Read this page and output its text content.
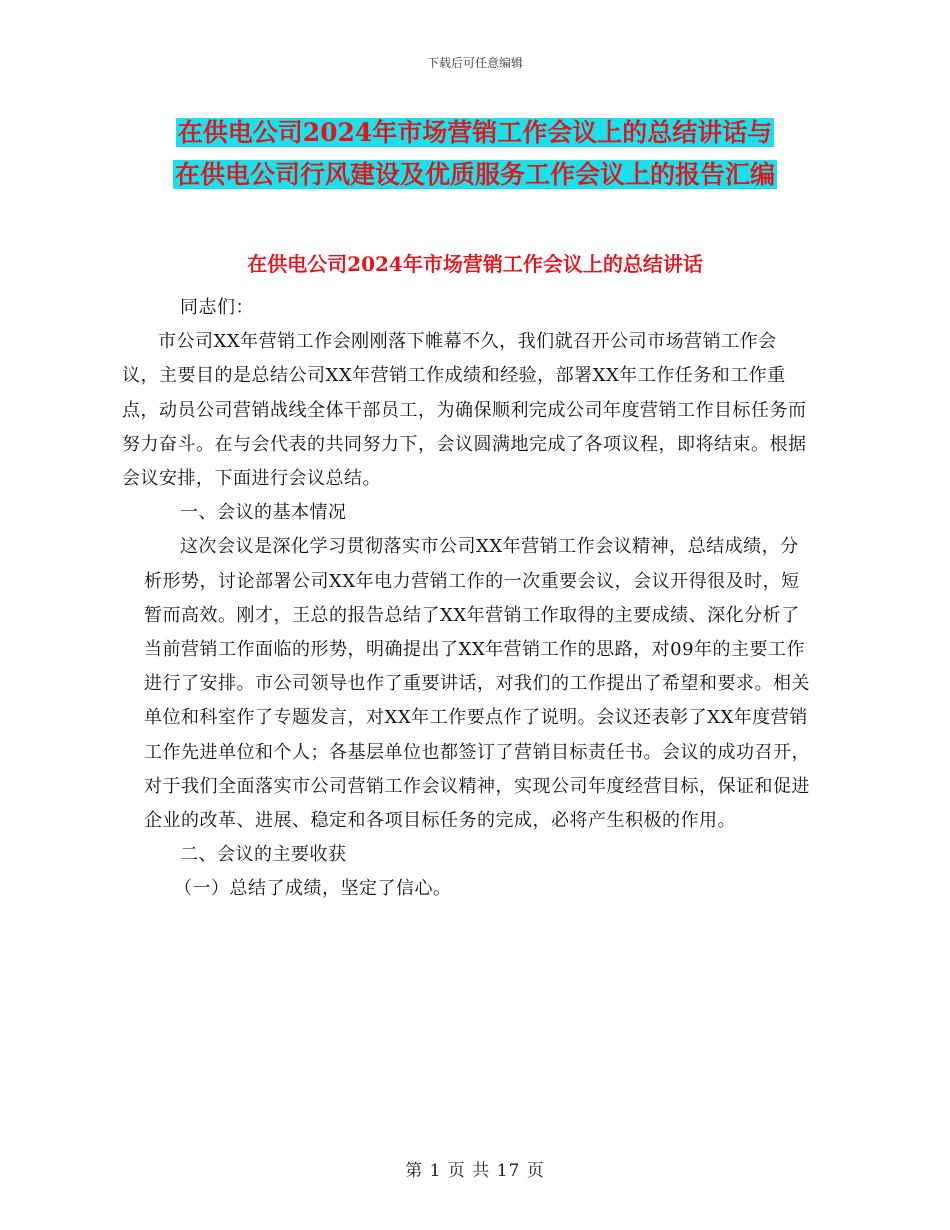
下载后可任意编辑
在供电公司2024年市场营销工作会议上的总结讲话与
在供电公司行风建设及优质服务工作会议上的报告汇编
在供电公司2024年市场营销工作会议上的总结讲话

同志们：

市公司XX年营销工作会刚刚落下帷幕不久，我们就召开公司市场营销工作会议，主要目的是总结公司XX年营销工作成绩和经验，部署XX年工作任务和工作重点，动员公司营销战线全体干部员工，为确保顺利完成公司年度营销工作目标任务而努力奋斗。在与会代表的共同努力下，会议圆满地完成了各项议程，即将结束。根据会议安排，下面进行会议总结。

一、会议的基本情况

这次会议是深化学习贯彻落实市公司XX年营销工作会议精神，总结成绩，分析形势，讨论部署公司XX年电力营销工作的一次重要会议，会议开得很及时，短暂而高效。刚才，王总的报告总结了XX年营销工作取得的主要成绩、深化分析了当前营销工作面临的形势，明确提出了XX年营销工作的思路，对09年的主要工作进行了安排。市公司领导也作了重要讲话，对我们的工作提出了希望和要求。相关单位和科室作了专题发言，对XX年工作要点作了说明。会议还表彰了XX年度营销工作先进单位和个人；各基层单位也都签订了营销目标责任书。会议的成功召开，对于我们全面落实市公司营销工作会议精神，实现公司年度经营目标，保证和促进企业的改革、进展、稳定和各项目标任务的完成，必将产生积极的作用。

二、会议的主要收获

（一）总结了成绩，坚定了信心。

第 1 页 共 17 页
